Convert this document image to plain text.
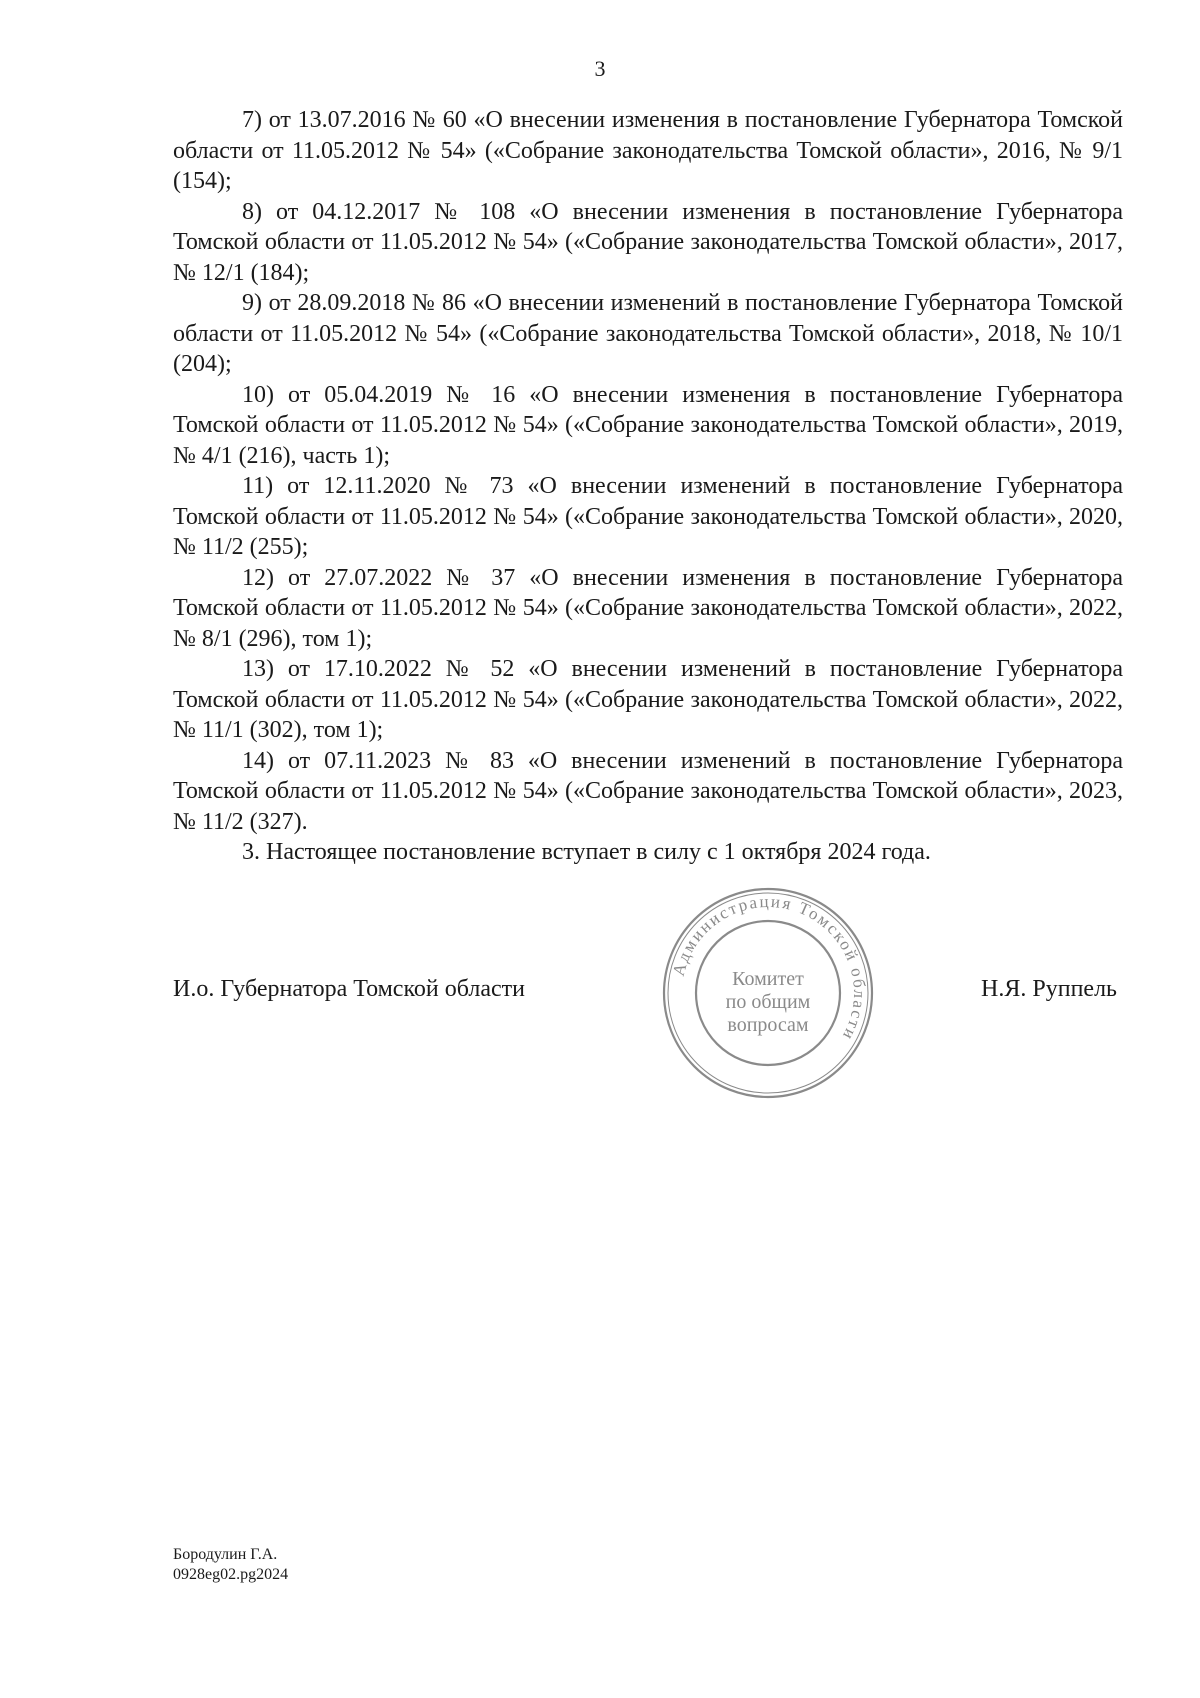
3

7) от 13.07.2016 № 60 «О внесении изменения в постановление Губернатора Томской области от 11.05.2012 № 54» («Собрание законодательства Томской области», 2016, № 9/1 (154);

8) от 04.12.2017 № 108 «О внесении изменения в постановление Губернатора Томской области от 11.05.2012 № 54» («Собрание законодательства Томской области», 2017, № 12/1 (184);

9) от 28.09.2018 № 86 «О внесении изменений в постановление Губернатора Томской области от 11.05.2012 № 54» («Собрание законодательства Томской области», 2018, № 10/1 (204);

10) от 05.04.2019 № 16 «О внесении изменения в постановление Губернатора Томской области от 11.05.2012 № 54» («Собрание законодательства Томской области», 2019, № 4/1 (216), часть 1);

11) от 12.11.2020 № 73 «О внесении изменений в постановление Губернатора Томской области от 11.05.2012 № 54» («Собрание законодательства Томской области», 2020, № 11/2 (255);

12) от 27.07.2022 № 37 «О внесении изменения в постановление Губернатора Томской области от 11.05.2012 № 54» («Собрание законодательства Томской области», 2022, № 8/1 (296), том 1);

13) от 17.10.2022 № 52 «О внесении изменений в постановление Губернатора Томской области от 11.05.2012 № 54» («Собрание законодательства Томской области», 2022, № 11/1 (302), том 1);

14) от 07.11.2023 № 83 «О внесении изменений в постановление Губернатора Томской области от 11.05.2012 № 54» («Собрание законодательства Томской области», 2023, № 11/2 (327).

3. Настоящее постановление вступает в силу с 1 октября 2024 года.

И.о. Губернатора Томской области	Н.Я. Руппель
Администрация Томской области
Комитет
по общим
вопросам
Бородулин Г.А.
0928eg02.pg2024
